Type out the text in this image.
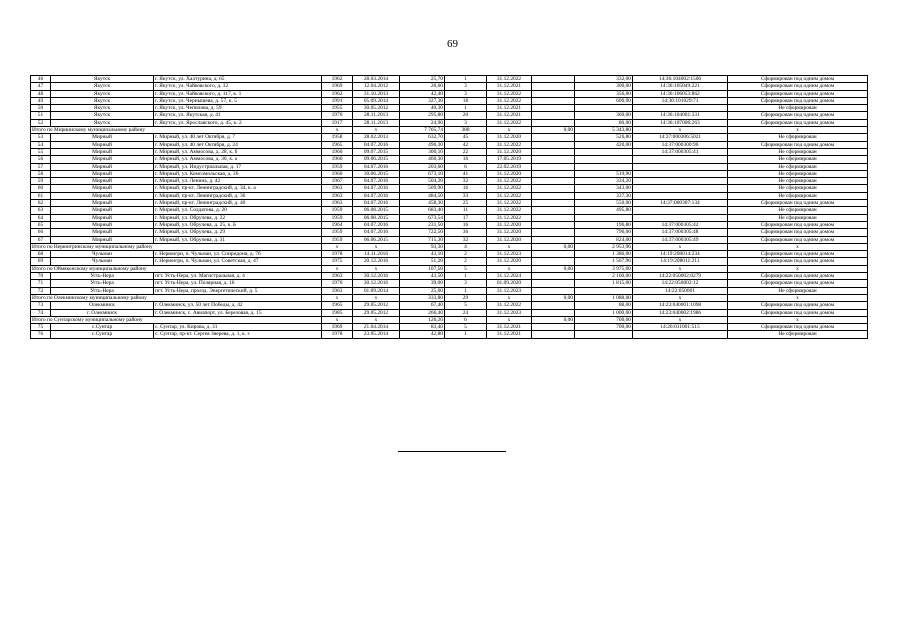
69
46	Якутск	г. Якутск, ул. Халтурина, д. 65	1962	28.03.2014	25,70	1	31.12.2022		332,00	14:36:104002:1506	Сформирован под одним домом
47	Якутск	г. Якутск, ул. Чайковского, д. 32	1969	12.04.2012	26,60	3	31.12.2021		300,00	14:36:105049:221	Сформирован под одним домом
48	Якутск	г. Якутск, ул. Чайковского, д. 117, к. 1	1962	31.10.2013	42,40	3	31.12.2022		356,00	14:36:106053:862	Сформирован под одним домом
49	Якутск	г. Якутск, ул. Чернышева, д. 57, к. 5	1991	05.09.2014	327,30	18	31.12.2022		600,00	14:36:101029:71	Сформирован под одним домом
50	Якутск	г. Якутск, ул. Чепилова, д. 59	1955	30.05.2012	40,30	1	31.12.2021				Не сформирован
51	Якутск	г. Якутск, ул. Якутская, д. 41	1970	28.11.2013	295,80	20	31.12.2021		360,00	14:36:104001:331	Сформирован под одним домом
52	Якутск	г. Якутск, ул. Ярославского, д. 45, к. 2	1917	28.11.2013	24,90	3	31.12.2022		86,00	14:36:107006:263	Сформирован под одним домом
Итого по Мирнинскому муниципальному району			х	х	7 765,74	388	х	0,00	5 343,80	х	х
53	Мирный	г. Мирный, ул. 40 лет Октября, д. 7	1958	28.02.2013	632,70	45	31.12.2020		526,80	14:37:000306:5021	Не сформирован
54	Мирный	г. Мирный, ул. 40 лет Октября, д. 24	1965	04.07.2016	496,30	42	31.12.2022		420,00	14:37:000300:90	Сформирован под одним домом
55	Мирный	г. Мирный, ул. Аммосова, д. 28, к. б	1960	09.07.2015	300,10	22	31.12.2020			14:37:000305:41	Не сформирован
56	Мирный	г. Мирный, ул. Аммосова, д. 30, к. а	1960	09.06.2015	460,30	16	17.05.2019				Не сформирован
57	Мирный	г. Мирный, ул. Индустриальная, д. 17	1959	04.07.2016	203,60	6	22.02.2019				Не сформирован
58	Мирный	г. Мирный, ул. Комсомольская, д. 26	1960	30.06.2015	673,10	41	31.12.2020		519,90		Не сформирован
59	Мирный	г. Мирный, ул. Ленина, д. 42	1967	04.07.2016	504,20	32	31.12.2022		334,20		Не сформирован
60	Мирный	г. Мирный, пр-кт. Ленинградский, д. 34, к. а	1963	04.07.2016	509,90	16	31.12.2022		343,00		Не сформирован
61	Мирный	г. Мирный, пр-кт. Ленинградский, д. 36	1963	04.07.2016	484,50	33	31.12.2022		337,30		Не сформирован
62	Мирный	г. Мирный, пр-кт. Ленинградский, д. 40	1963	04.07.2016	458,30	25	31.12.2022		550,00	14:37:000307:134	Сформирован под одним домом
63	Мирный	г. Мирный, ул. Солдатова, д. 20	1959	06.08.2015	683,40	11	31.12.2022		495,80		Не сформирован
64	Мирный	г. Мирный, ул. Обручева, д. 22	1959	06.08.2015	673,54	17	31.12.2022				Не сформирован
65	Мирный	г. Мирный, ул. Обручева, д. 25, к. Б	1964	04.07.2016	231,50	16	31.12.2020		196,80	14:37:000305:42	Сформирован под одним домом
66	Мирный	г. Мирный, ул. Обручева, д. 29	1959	04.07.2016	722,50	36	31.12.2020		796,00	14:37:000305:48	Сформирован под одним домом
67	Мирный	г. Мирный, ул. Обручева, д. 31	1959	06.06.2015	715,30	32	31.12.2020		824,00	14:37:000305:49	Сформирован под одним домом
Итого по Нерюнгринскому муниципальному району			х	х	93,30	4	х	0,00	2 953,96	х	х
68	Чульман	г. Нерюнгри, п. Чульман, ул. Спиридона, д. 7б	1978	14.11.2016	43,10	2	31.12.2023		1 386,00	14:19:208014:234	Сформирован под одним домом
69	Чульман	г. Нерюнгри, п. Чульман, ул. Советская, д. 47	1975	20.12.2016	51,20	2	31.12.2020		1 567,96	14:19:208011:211	Сформирован под одним домом
Итого по Оймяконскому муниципальному району			х	х	107,50	5	х	0,00	3 975,00	х	х
70	Усть-Нера	пгт. Усть-Нера, ул. Магистральная, д. 4	1963	30.12.2016	43,50	1	31.12.2024		2 160,00	14:22:050002:0279	Сформирован под одним домом
71	Усть-Нера	пгт. Усть-Нера, ул. Полярная, д. 16	1970	30.12.2016	39,00	3	01.09.2020		1 815,00	14:22:050002:12	Сформирован под одним домом
72	Усть-Нера	пгт. Усть-Нера, проезд. Энергетический, д. 5	1963	01.09.2014	25,00	1	31.12.2023			14:22:050001	Не сформирован
Итого по Олекминскому муниципальному району			х	х	333,80	29	х	0,00	1 088,00	х	х
73	Олекминск	г. Олекминск, ул. 50 лет Победы, д. 42	1965	29.05.2012	67,40	5	31.12.2022		88,00	14:23:040001:1098	Сформирован под одним домом
74	г. Олекминск	г. Олекминск, с. Авиапорт, ул. Березовая, д. 15	1985	29.05.2012	266,40	24	31.12.2023		1 000,00	14:23:040002:1986	Сформирован под одним домом
Итого по Сунтарскому муниципальному району			х	х	126,20	6	х	0,00	700,00	х	х
75	с.Сунтар	с. Сунтар, ул. Кирова, д. 31	1969	21.04.2014	83,40	5	31.12.2021		700,00	14:26:011001:515	Сформирован под одним домом
76	с.Сунтар	с. Сунтар, пр-кт. Сергея Зверева, д. 1, к. з	1978	23.05.2014	42,80	1	31.12.2021				Не сформирован
